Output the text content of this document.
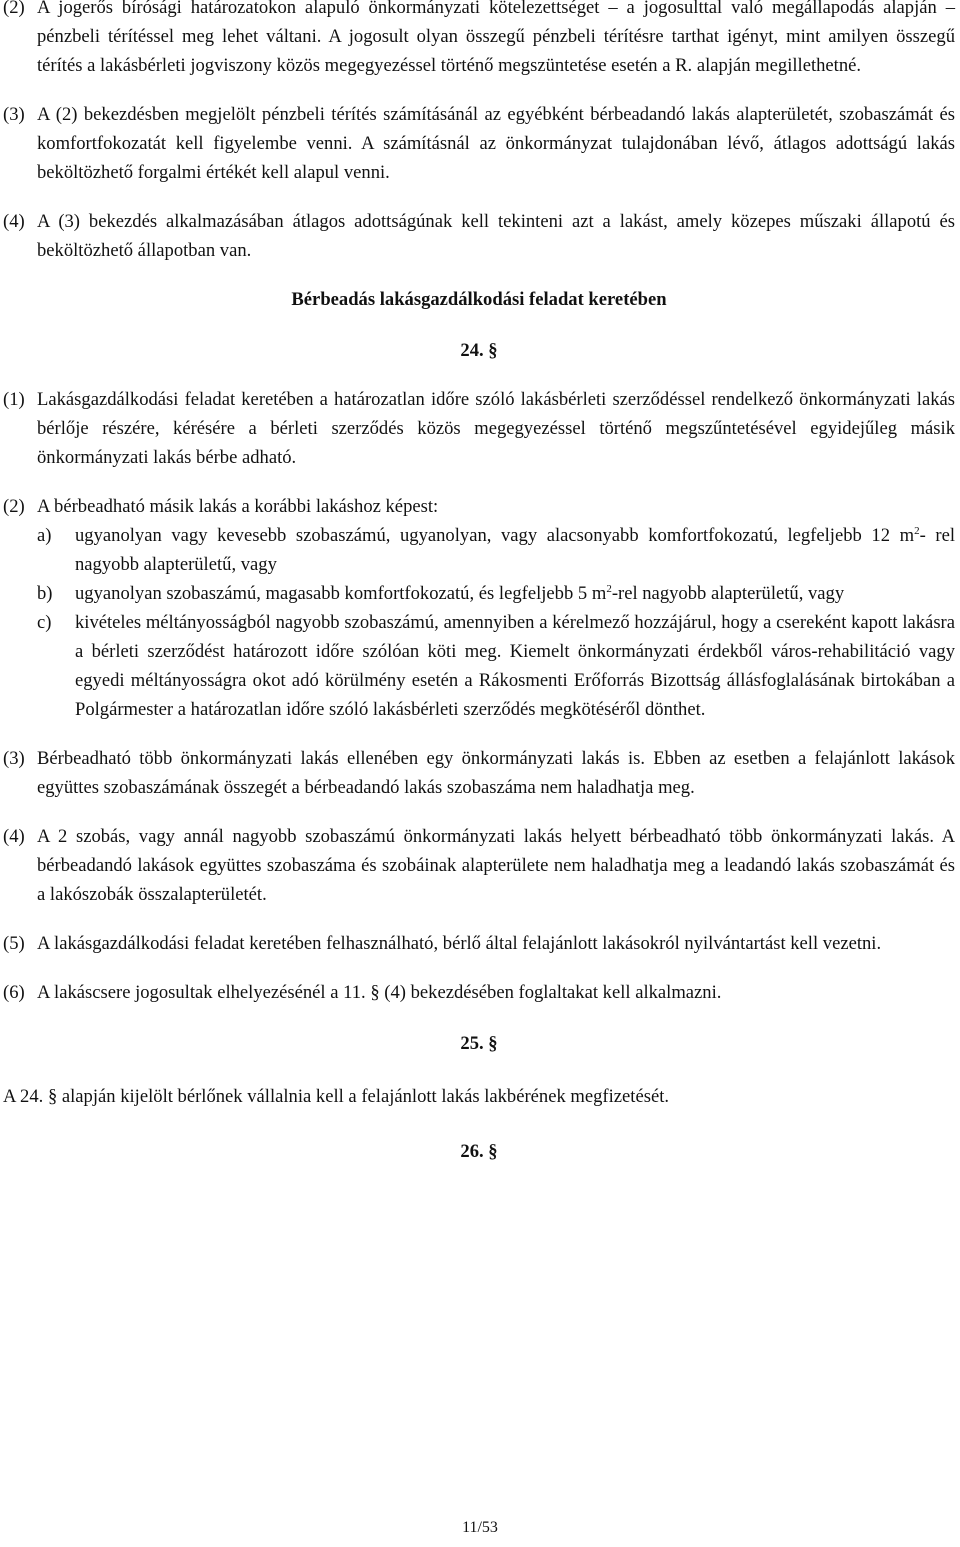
(2) A jogerős bírósági határozatokon alapuló önkormányzati kötelezettséget – a jogosulttal való megállapodás alapján – pénzbeli térítéssel meg lehet váltani. A jogosult olyan összegű pénzbeli térítésre tarthat igényt, mint amilyen összegű térítés a lakásbérleti jogviszony közös megegyezéssel történő megszüntetése esetén a R. alapján megillethetné.
(3) A (2) bekezdésben megjelölt pénzbeli térítés számításánál az egyébként bérbeadandó lakás alapterületét, szobaszámát és komfortfokozatát kell figyelembe venni. A számításnál az önkormányzat tulajdonában lévő, átlagos adottságú lakás beköltözhető forgalmi értékét kell alapul venni.
(4) A (3) bekezdés alkalmazásában átlagos adottságúnak kell tekinteni azt a lakást, amely közepes műszaki állapotú és beköltözhető állapotban van.
Bérbeadás lakásgazdálkodási feladat keretében
24. §
(1) Lakásgazdálkodási feladat keretében a határozatlan időre szóló lakásbérleti szerződéssel rendelkező önkormányzati lakás bérlője részére, kérésére a bérleti szerződés közös megegyezéssel történő megszűntetésével egyidejűleg másik önkormányzati lakás bérbe adható.
(2) A bérbeadható másik lakás a korábbi lakáshoz képest:
a)	ugyanolyan vagy kevesebb szobaszámú, ugyanolyan, vagy alacsonyabb komfortfokozatú, legfeljebb 12 $m^2-$ rel nagyobb alapterületű, vagy
b)	ugyanolyan szobaszámú, magasabb komfortfokozatú, és legfeljebb 5 $m^2$-rel nagyobb alapterületű, vagy
c)	kivételes méltányosságból nagyobb szobaszámú, amennyiben a kérelmező hozzájárul, hogy a csereként kapott lakásra a bérleti szerződést határozott időre szólóan köti meg. Kiemelt önkormányzati érdekből város-rehabilitáció vagy egyedi méltányosságra okot adó körülmény esetén a Rákosmenti Erőforrás Bizottság állásfoglalásának birtokában a Polgármester a határozatlan időre szóló lakásbérleti szerződés megkötéséről dönthet.
(3) Bérbeadható több önkormányzati lakás ellenében egy önkormányzati lakás is. Ebben az esetben a felajánlott lakások együttes szobaszámának összegét a bérbeadandó lakás szobaszáma nem haladhatja meg.
(4) A 2 szobás, vagy annál nagyobb szobaszámú önkormányzati lakás helyett bérbeadható több önkormányzati lakás. A bérbeadandó lakások együttes szobaszáma és szobáinak alapterülete nem haladhatja meg a leadandó lakás szobaszámát és a lakószobák összalapterületét.
(5) A lakásgazdálkodási feladat keretében felhasználható, bérlő által felajánlott lakásokról nyilvántartást kell vezetni.
(6) A lakáscsere jogosultak elhelyezésénél a 11. § (4) bekezdésében foglaltakat kell alkalmazni.
25. §
A 24. § alapján kijelölt bérlőnek vállalnia kell a felajánlott lakás lakbérének megfizetését.
26. §
11/53
